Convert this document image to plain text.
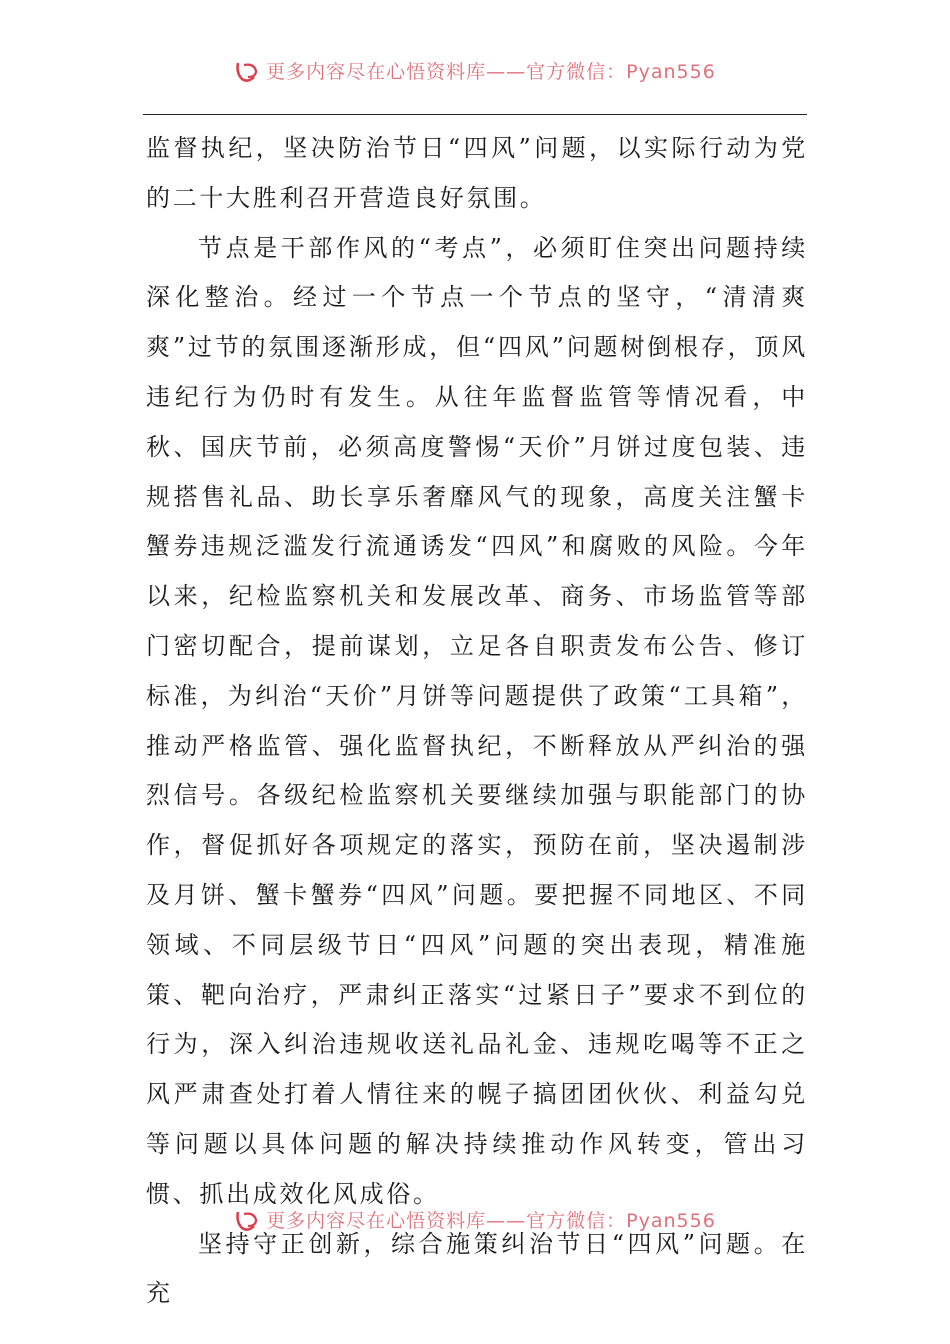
更多内容尽在心悟资料库——官方微信：Pyan556

监督执纪，坚决防治节日“四风”问题，以实际行动为党的二十大胜利召开营造良好氛围。

节点是干部作风的“考点”，必须盯住突出问题持续深化整治。经过一个节点一个节点的坚守，“清清爽爽”过节的氛围逐渐形成，但“四风”问题树倒根存，顶风违纪行为仍时有发生。从往年监督监管等情况看，中秋、国庆节前，必须高度警惕“天价”月饼过度包装、违规搭售礼品、助长享乐奢靡风气的现象，高度关注蟹卡蟹券违规泛滥发行流通诱发“四风”和腐败的风险。今年以来，纪检监察机关和发展改革、商务、市场监管等部门密切配合，提前谋划，立足各自职责发布公告、修订标准，为纠治“天价”月饼等问题提供了政策“工具箱”，推动严格监管、强化监督执纪，不断释放从严纠治的强烈信号。各级纪检监察机关要继续加强与职能部门的协作，督促抓好各项规定的落实，预防在前，坚决遏制涉及月饼、蟹卡蟹券“四风”问题。要把握不同地区、不同领域、不同层级节日“四风”问题的突出表现，精准施策、靶向治疗，严肃纠正落实“过紧日子”要求不到位的行为，深入纠治违规收送礼品礼金、违规吃喝等不正之风严肃查处打着人情往来的幌子搞团团伙伙、利益勾兑等问题以具体问题的解决持续推动作风转变，管出习惯、抓出成效化风成俗。

坚持守正创新，综合施策纠治节日“四风”问题。在充

更多内容尽在心悟资料库——官方微信：Pyan556
